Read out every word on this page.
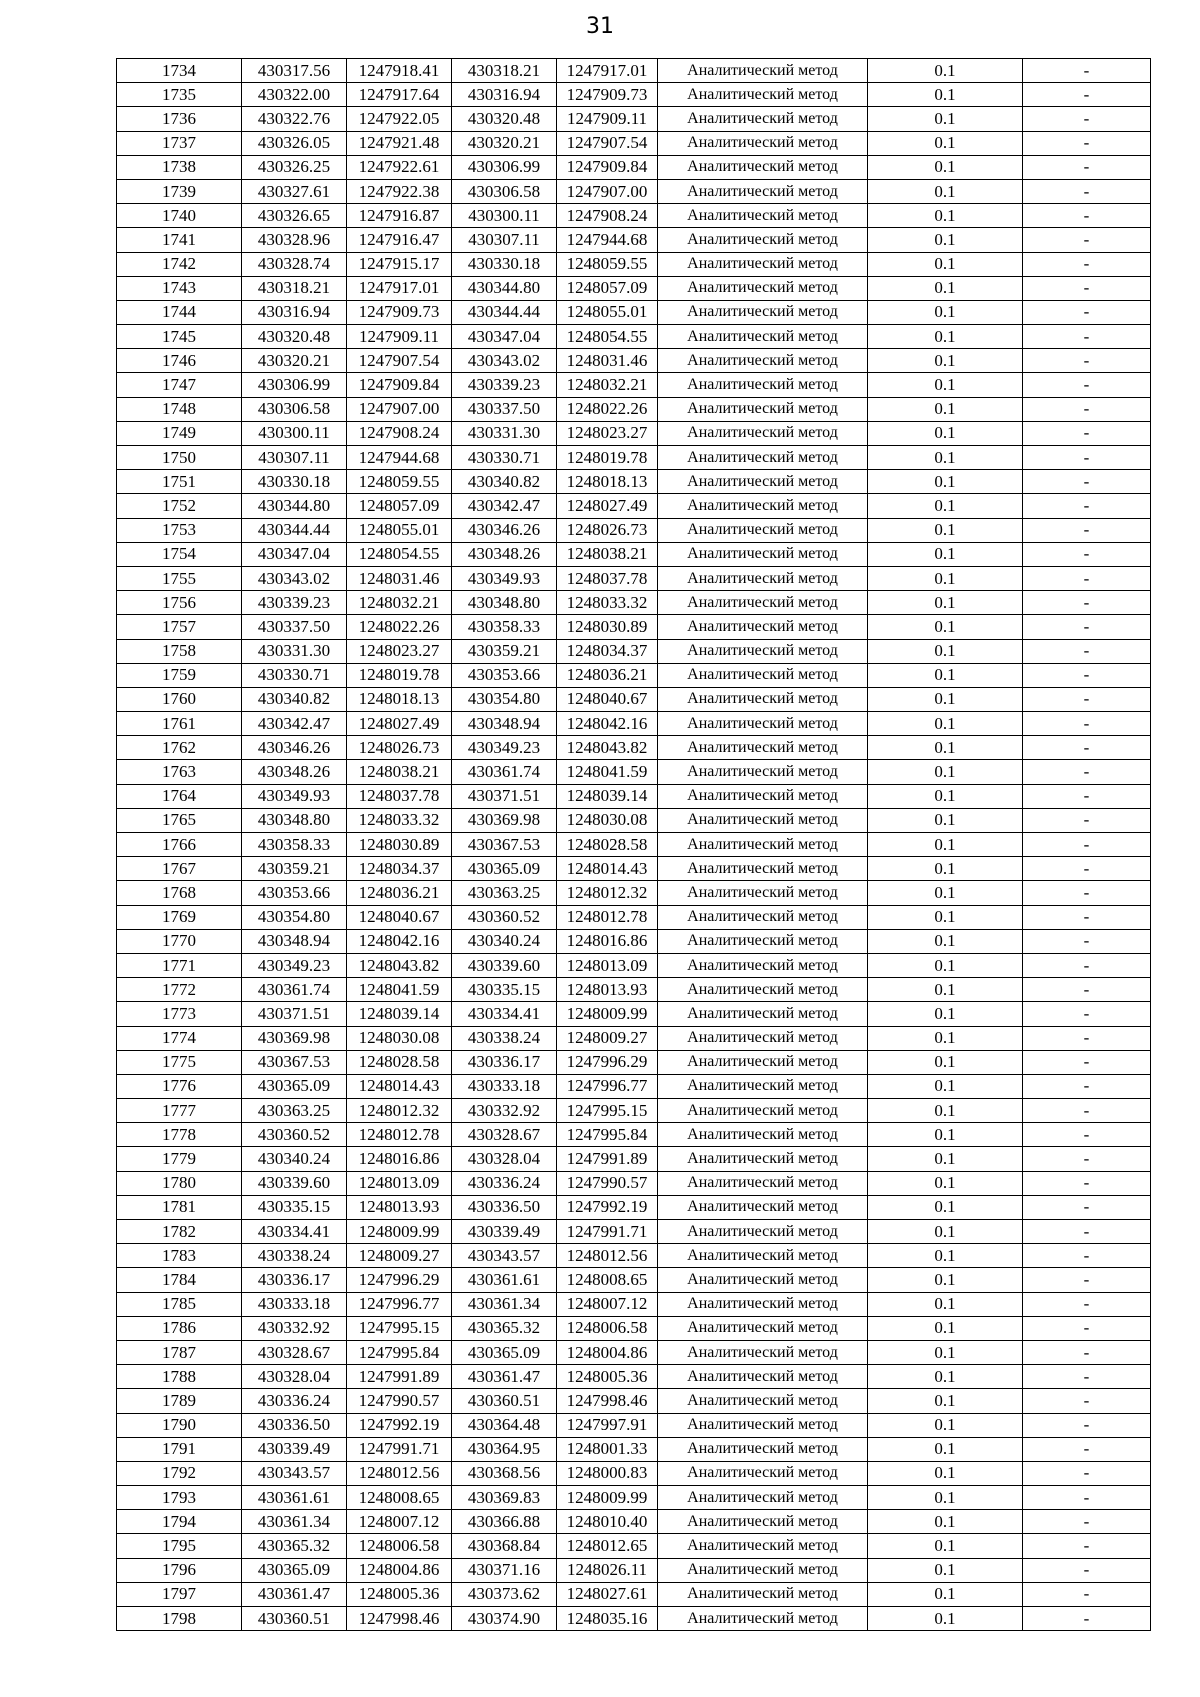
31
1734	430317.56	1247918.41	430318.21	1247917.01	Аналитический метод	0.1	-
1735	430322.00	1247917.64	430316.94	1247909.73	Аналитический метод	0.1	-
1736	430322.76	1247922.05	430320.48	1247909.11	Аналитический метод	0.1	-
1737	430326.05	1247921.48	430320.21	1247907.54	Аналитический метод	0.1	-
1738	430326.25	1247922.61	430306.99	1247909.84	Аналитический метод	0.1	-
1739	430327.61	1247922.38	430306.58	1247907.00	Аналитический метод	0.1	-
1740	430326.65	1247916.87	430300.11	1247908.24	Аналитический метод	0.1	-
1741	430328.96	1247916.47	430307.11	1247944.68	Аналитический метод	0.1	-
1742	430328.74	1247915.17	430330.18	1248059.55	Аналитический метод	0.1	-
1743	430318.21	1247917.01	430344.80	1248057.09	Аналитический метод	0.1	-
1744	430316.94	1247909.73	430344.44	1248055.01	Аналитический метод	0.1	-
1745	430320.48	1247909.11	430347.04	1248054.55	Аналитический метод	0.1	-
1746	430320.21	1247907.54	430343.02	1248031.46	Аналитический метод	0.1	-
1747	430306.99	1247909.84	430339.23	1248032.21	Аналитический метод	0.1	-
1748	430306.58	1247907.00	430337.50	1248022.26	Аналитический метод	0.1	-
1749	430300.11	1247908.24	430331.30	1248023.27	Аналитический метод	0.1	-
1750	430307.11	1247944.68	430330.71	1248019.78	Аналитический метод	0.1	-
1751	430330.18	1248059.55	430340.82	1248018.13	Аналитический метод	0.1	-
1752	430344.80	1248057.09	430342.47	1248027.49	Аналитический метод	0.1	-
1753	430344.44	1248055.01	430346.26	1248026.73	Аналитический метод	0.1	-
1754	430347.04	1248054.55	430348.26	1248038.21	Аналитический метод	0.1	-
1755	430343.02	1248031.46	430349.93	1248037.78	Аналитический метод	0.1	-
1756	430339.23	1248032.21	430348.80	1248033.32	Аналитический метод	0.1	-
1757	430337.50	1248022.26	430358.33	1248030.89	Аналитический метод	0.1	-
1758	430331.30	1248023.27	430359.21	1248034.37	Аналитический метод	0.1	-
1759	430330.71	1248019.78	430353.66	1248036.21	Аналитический метод	0.1	-
1760	430340.82	1248018.13	430354.80	1248040.67	Аналитический метод	0.1	-
1761	430342.47	1248027.49	430348.94	1248042.16	Аналитический метод	0.1	-
1762	430346.26	1248026.73	430349.23	1248043.82	Аналитический метод	0.1	-
1763	430348.26	1248038.21	430361.74	1248041.59	Аналитический метод	0.1	-
1764	430349.93	1248037.78	430371.51	1248039.14	Аналитический метод	0.1	-
1765	430348.80	1248033.32	430369.98	1248030.08	Аналитический метод	0.1	-
1766	430358.33	1248030.89	430367.53	1248028.58	Аналитический метод	0.1	-
1767	430359.21	1248034.37	430365.09	1248014.43	Аналитический метод	0.1	-
1768	430353.66	1248036.21	430363.25	1248012.32	Аналитический метод	0.1	-
1769	430354.80	1248040.67	430360.52	1248012.78	Аналитический метод	0.1	-
1770	430348.94	1248042.16	430340.24	1248016.86	Аналитический метод	0.1	-
1771	430349.23	1248043.82	430339.60	1248013.09	Аналитический метод	0.1	-
1772	430361.74	1248041.59	430335.15	1248013.93	Аналитический метод	0.1	-
1773	430371.51	1248039.14	430334.41	1248009.99	Аналитический метод	0.1	-
1774	430369.98	1248030.08	430338.24	1248009.27	Аналитический метод	0.1	-
1775	430367.53	1248028.58	430336.17	1247996.29	Аналитический метод	0.1	-
1776	430365.09	1248014.43	430333.18	1247996.77	Аналитический метод	0.1	-
1777	430363.25	1248012.32	430332.92	1247995.15	Аналитический метод	0.1	-
1778	430360.52	1248012.78	430328.67	1247995.84	Аналитический метод	0.1	-
1779	430340.24	1248016.86	430328.04	1247991.89	Аналитический метод	0.1	-
1780	430339.60	1248013.09	430336.24	1247990.57	Аналитический метод	0.1	-
1781	430335.15	1248013.93	430336.50	1247992.19	Аналитический метод	0.1	-
1782	430334.41	1248009.99	430339.49	1247991.71	Аналитический метод	0.1	-
1783	430338.24	1248009.27	430343.57	1248012.56	Аналитический метод	0.1	-
1784	430336.17	1247996.29	430361.61	1248008.65	Аналитический метод	0.1	-
1785	430333.18	1247996.77	430361.34	1248007.12	Аналитический метод	0.1	-
1786	430332.92	1247995.15	430365.32	1248006.58	Аналитический метод	0.1	-
1787	430328.67	1247995.84	430365.09	1248004.86	Аналитический метод	0.1	-
1788	430328.04	1247991.89	430361.47	1248005.36	Аналитический метод	0.1	-
1789	430336.24	1247990.57	430360.51	1247998.46	Аналитический метод	0.1	-
1790	430336.50	1247992.19	430364.48	1247997.91	Аналитический метод	0.1	-
1791	430339.49	1247991.71	430364.95	1248001.33	Аналитический метод	0.1	-
1792	430343.57	1248012.56	430368.56	1248000.83	Аналитический метод	0.1	-
1793	430361.61	1248008.65	430369.83	1248009.99	Аналитический метод	0.1	-
1794	430361.34	1248007.12	430366.88	1248010.40	Аналитический метод	0.1	-
1795	430365.32	1248006.58	430368.84	1248012.65	Аналитический метод	0.1	-
1796	430365.09	1248004.86	430371.16	1248026.11	Аналитический метод	0.1	-
1797	430361.47	1248005.36	430373.62	1248027.61	Аналитический метод	0.1	-
1798	430360.51	1247998.46	430374.90	1248035.16	Аналитический метод	0.1	-
